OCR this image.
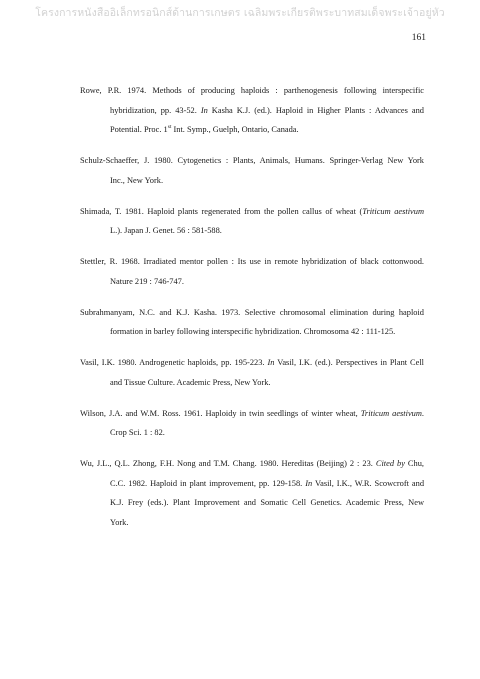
โครงการหนังสืออิเล็กทรอนิกส์ด้านการเกษตร เฉลิมพระเกียรติพระบาทสมเด็จพระเจ้าอยู่หัว
161
Rowe, P.R. 1974. Methods of producing haploids : parthenogenesis following interspecific
hybridization, pp. 43-52. In Kasha K.J. (ed.). Haploid in Higher Plants : Advances and
Potential. Proc. 1st Int. Symp., Guelph, Ontario, Canada.
Schulz-Schaeffer, J. 1980. Cytogenetics : Plants, Animals, Humans. Springer-Verlag New York
Inc., New York.
Shimada, T. 1981. Haploid plants regenerated from the pollen callus of wheat (Triticum aestivum
L.). Japan J. Genet. 56 : 581-588.
Stettler, R. 1968. Irradiated mentor pollen : Its use in remote hybridization of black cottonwood.
Nature 219 : 746-747.
Subrahmanyam, N.C. and K.J. Kasha. 1973. Selective chromosomal elimination during haploid
formation in barley following interspecific hybridization. Chromosoma 42 : 111-125.
Vasil, I.K. 1980. Androgenetic haploids, pp. 195-223. In Vasil, I.K. (ed.). Perspectives in Plant Cell
and Tissue Culture. Academic Press, New York.
Wilson, J.A. and W.M. Ross. 1961. Haploidy in twin seedlings of winter wheat, Triticum aestivum.
Crop Sci. 1 : 82.
Wu, J.L., Q.L. Zhong, F.H. Nong and T.M. Chang. 1980. Hereditas (Beijing) 2 : 23. Cited by Chu,
C.C. 1982. Haploid in plant improvement, pp. 129-158. In Vasil, I.K., W.R. Scowcroft and
K.J. Frey (eds.). Plant Improvement and Somatic Cell Genetics. Academic Press, New
York.
